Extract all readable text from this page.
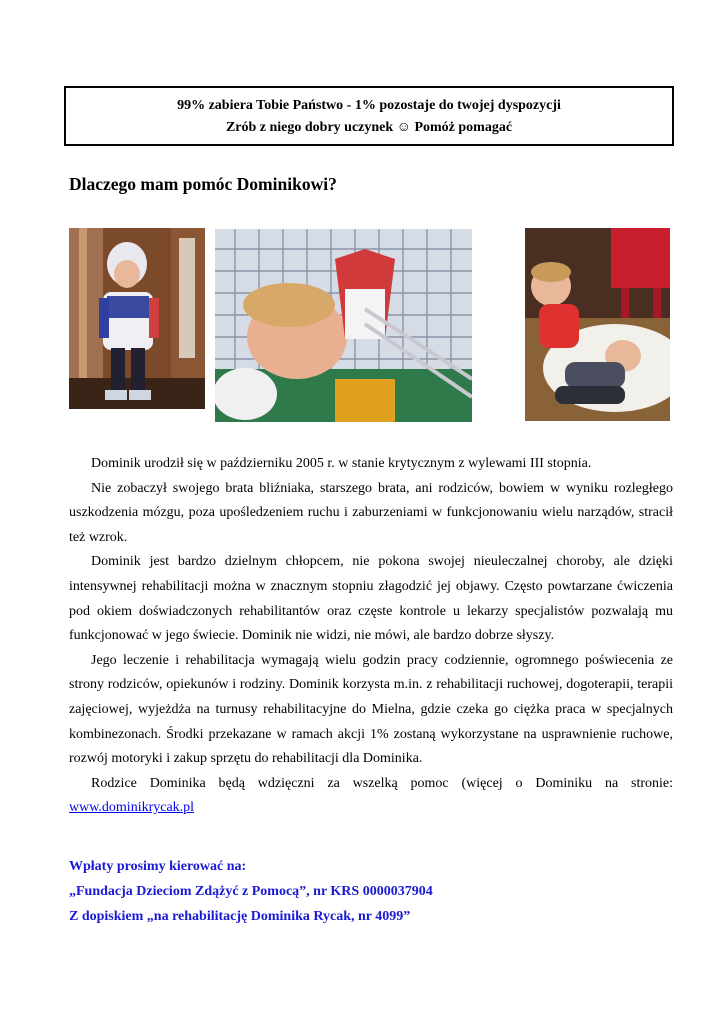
99% zabiera Tobie Państwo - 1% pozostaje do twojej dyspozycji
Zrób z niego dobry uczynek ☺ Pomóż pomagać
Dlaczego mam pomóc Dominikowi?

Dominik urodził się w październiku 2005 r. w stanie krytycznym z wylewami III stopnia.

Nie zobaczył swojego brata bliźniaka, starszego brata, ani rodziców, bowiem w wyniku rozległego uszkodzenia mózgu, poza upośledzeniem ruchu i zaburzeniami w funkcjonowaniu wielu narządów, stracił też wzrok.

Dominik jest bardzo dzielnym chłopcem, nie pokona swojej nieuleczalnej choroby, ale dzięki intensywnej rehabilitacji można w znacznym stopniu złagodzić jej objawy. Często powtarzane ćwiczenia pod okiem doświadczonych rehabilitantów oraz częste kontrole u lekarzy specjalistów pozwalają mu funkcjonować w jego świecie. Dominik nie widzi, nie mówi, ale bardzo dobrze słyszy.

Jego leczenie i rehabilitacja wymagają wielu godzin pracy codziennie, ogromnego poświecenia ze strony rodziców, opiekunów i rodziny. Dominik korzysta m.in. z rehabilitacji ruchowej, dogoterapii, terapii zajęciowej, wyjeżdża na turnusy rehabilitacyjne do Mielna, gdzie czeka go ciężka praca w specjalnych kombinezonach. Środki przekazane w ramach akcji 1% zostaną wykorzystane na usprawnienie ruchowe, rozwój motoryki i zakup sprzętu do rehabilitacji dla Dominika.

Rodzice Dominika będą wdzięczni za wszelką pomoc (więcej o Dominiku na stronie: www.dominikrycak.pl

Wpłaty prosimy kierować na:
„Fundacja Dzieciom Zdążyć z Pomocą”, nr KRS 0000037904
Z dopiskiem „na rehabilitację Dominika Rycak, nr 4099”
